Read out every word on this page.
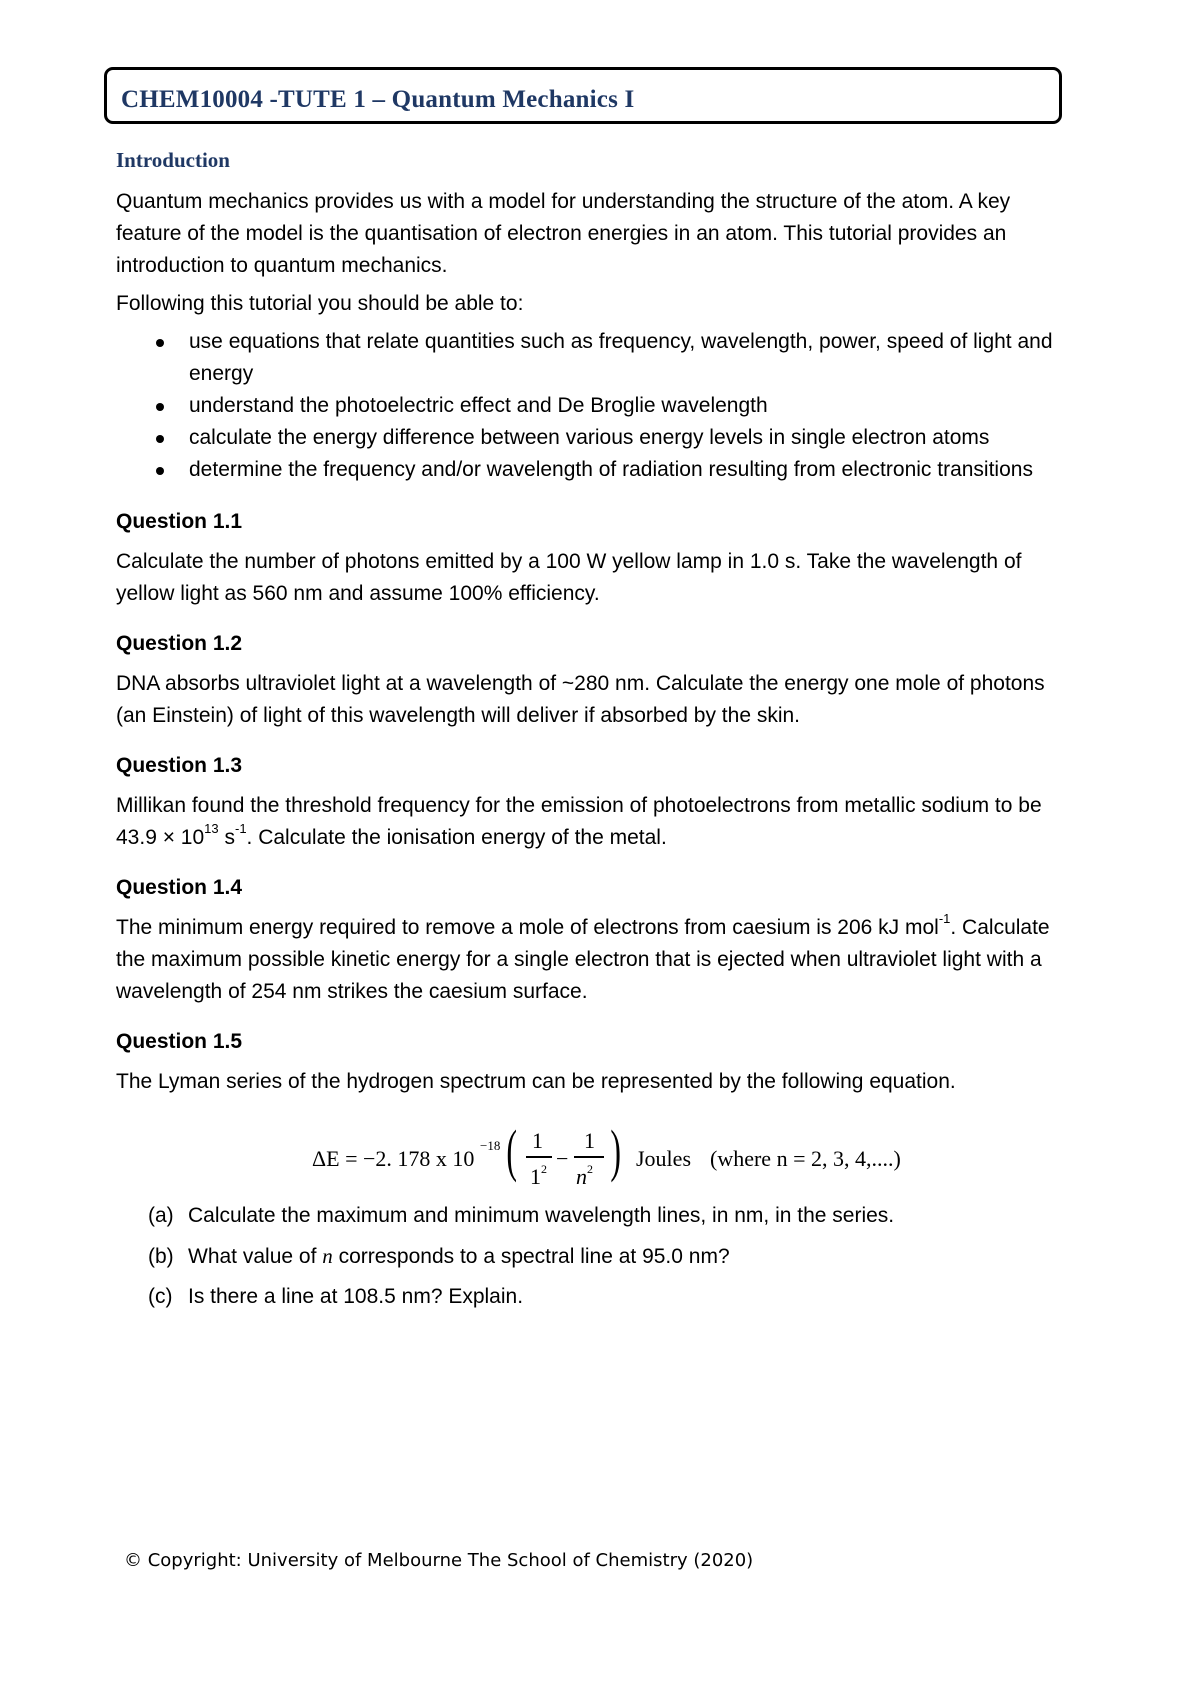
CHEM10004 -TUTE 1 – Quantum Mechanics I
Introduction
Quantum mechanics provides us with a model for understanding the structure of the atom. A key
feature of the model is the quantisation of electron energies in an atom. This tutorial provides an
introduction to quantum mechanics.
Following this tutorial you should be able to:
use equations that relate quantities such as frequency, wavelength, power, speed of light and
energy
understand the photoelectric effect and De Broglie wavelength
calculate the energy difference between various energy levels in single electron atoms
determine the frequency and/or wavelength of radiation resulting from electronic transitions
Question 1.1
Calculate the number of photons emitted by a 100 W yellow lamp in 1.0 s. Take the wavelength of
yellow light as 560 nm and assume 100% efficiency.
Question 1.2
DNA absorbs ultraviolet light at a wavelength of ~280 nm. Calculate the energy one mole of photons
(an Einstein) of light of this wavelength will deliver if absorbed by the skin.
Question 1.3
Millikan found the threshold frequency for the emission of photoelectrons from metallic sodium to be
$43.9 \times 10^{13}$ $s^{-1}$. Calculate the ionisation energy of the metal.
Question 1.4
The minimum energy required to remove a mole of electrons from caesium is 206 kJ mol$^{-1}$. Calculate
the maximum possible kinetic energy for a single electron that is ejected when ultraviolet light with a
wavelength of 254 nm strikes the caesium surface.
Question 1.5
The Lyman series of the hydrogen spectrum can be represented by the following equation.
ΔE = −2. 178 x 10
−18 ( 1
$1^2$ −
1
$n^2$ ) Joules (where n = 2, 3, 4,....)
(a) Calculate the maximum and minimum wavelength lines, in nm, in the series.
(b) What value of n corresponds to a spectral line at 95.0 nm?
(c) Is there a line at 108.5 nm? Explain.
© Copyright: University of Melbourne The School of Chemistry (2020)
